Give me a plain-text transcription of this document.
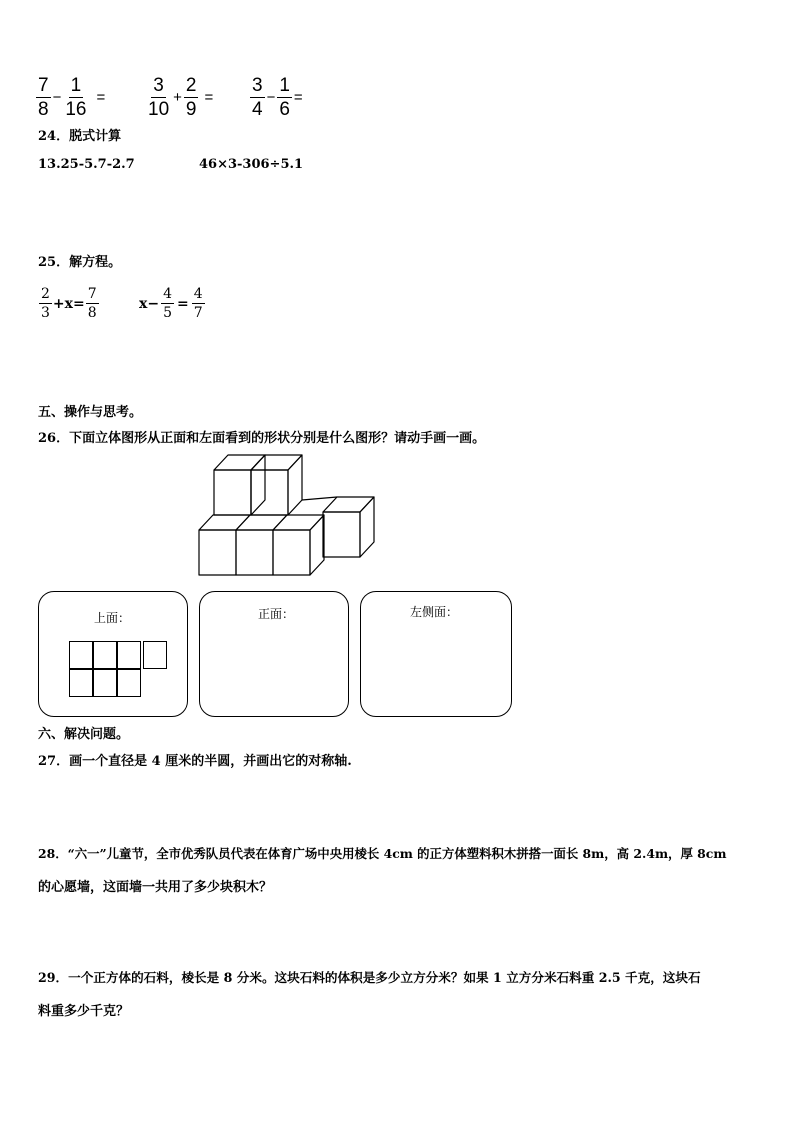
$\frac{7}{8} - \frac{1}{16} = \frac{3}{10} + \frac{2}{9} = \frac{3}{4} - \frac{1}{6}$ =
24．脱式计算
13.25-5.7-2.7	46×3-306÷5.1
25．解方程。
$\frac{2}{3} +x= \frac{7}{8}$	$x- \frac{4}{5} = \frac{4}{7}$
五、操作与思考。
26．下面立体图形从正面和左面看到的形状分别是什么图形？请动手画一画。
上面：	正面：	左侧面：
六、解决问题。
27．画一个直径是 4 厘米的半圆，并画出它的对称轴.
28．“六一”儿童节，全市优秀队员代表在体育广场中央用棱长 4cm 的正方体塑料积木拼搭一面长 8m，高 2.4m，厚 8cm
的心愿墙，这面墙一共用了多少块积木？
29．一个正方体的石料，棱长是 8 分米。这块石料的体积是多少立方分米？如果 1 立方分米石料重 2.5 千克，这块石
料重多少千克？
